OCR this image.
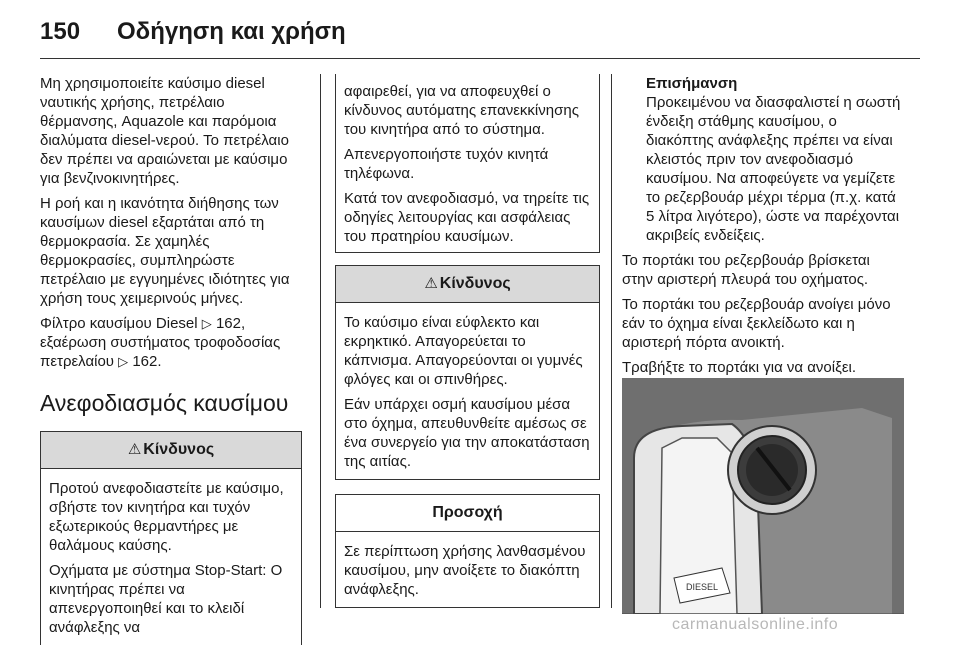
150 Οδήγηση και χρήση

Μη χρησιμοποιείτε καύσιμο diesel ναυτικής χρήσης, πετρέλαιο θέρμανσης, Aquazole και παρόμοια διαλύματα diesel-νερού. Το πετρέλαιο δεν πρέπει να αραιώνεται με καύσιμο για βενζινοκινητήρες.

Η ροή και η ικανότητα διήθησης των καυσίμων diesel εξαρτάται από τη θερμοκρασία. Σε χαμηλές θερμοκρασίες, συμπληρώστε πετρέλαιο με εγγυημένες ιδιότητες για χρήση τους χειμερινούς μήνες.

Φίλτρο καυσίμου Diesel ▷ 162, εξαέρωση συστήματος τροφοδοσίας πετρελαίου ▷ 162.

Ανεφοδιασμός καυσίμου
⚠ Κίνδυνος

Προτού ανεφοδιαστείτε με καύσιμο, σβήστε τον κινητήρα και τυχόν εξωτερικούς θερμαντήρες με θαλάμους καύσης.

Οχήματα με σύστημα Stop-Start: Ο κινητήρας πρέπει να απενεργοποιηθεί και το κλειδί ανάφλεξης να

αφαιρεθεί, για να αποφευχθεί ο κίνδυνος αυτόματης επανεκκίνησης του κινητήρα από το σύστημα.

Απενεργοποιήστε τυχόν κινητά τηλέφωνα.

Κατά τον ανεφοδιασμό, να τηρείτε τις οδηγίες λειτουργίας και ασφάλειας του πρατηρίου καυσίμων.

⚠ Κίνδυνος

Το καύσιμο είναι εύφλεκτο και εκρηκτικό. Απαγορεύεται το κάπνισμα. Απαγορεύονται οι γυμνές φλόγες και οι σπινθήρες.

Εάν υπάρχει οσμή καυσίμου μέσα στο όχημα, απευθυνθείτε αμέσως σε ένα συνεργείο για την αποκατάσταση της αιτίας.

Προσοχή

Σε περίπτωση χρήσης λανθασμένου καυσίμου, μην ανοίξετε το διακόπτη ανάφλεξης.

Επισήμανση

Προκειμένου να διασφαλιστεί η σωστή ένδειξη στάθμης καυσίμου, ο διακόπτης ανάφλεξης πρέπει να είναι κλειστός πριν τον ανεφοδιασμό καυσίμου. Να αποφεύγετε να γεμίζετε το ρεζερβουάρ μέχρι τέρμα (π.χ. κατά 5 λίτρα λιγότερο), ώστε να παρέχονται ακριβείς ενδείξεις.

Το πορτάκι του ρεζερβουάρ βρίσκεται στην αριστερή πλευρά του οχήματος.

Το πορτάκι του ρεζερβουάρ ανοίγει μόνο εάν το όχημα είναι ξεκλείδωτο και η αριστερή πόρτα ανοικτή.

Τραβήξτε το πορτάκι για να ανοίξει.

DIESEL
carmanualsonline.info
